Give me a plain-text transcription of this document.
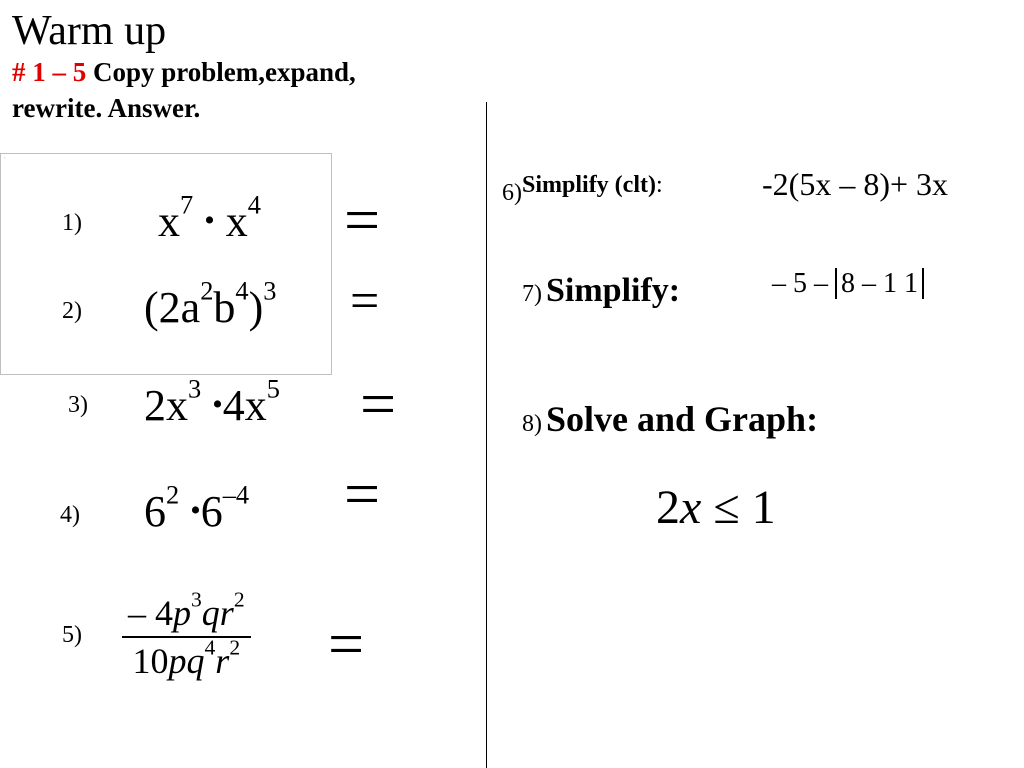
Warm up
# 1 – 5 Copy problem,expand,
rewrite. Answer.
▫
1) $x^7$ • $x^4$ =
2) $(2a^2b^4)^3$ =
3) $2x^3$ $•4x^5$ =
4) $6^2$ $•6^{-4}$ =
$5) \frac{- 4p^3qr^2}{10pq^4r^2}$ =
6)Simplify (clt):	-2(5x – 8)+ 3x
7) Simplify:	– 5 – 8 – 1 1
8) Solve and Graph:
2x ≤ 1
